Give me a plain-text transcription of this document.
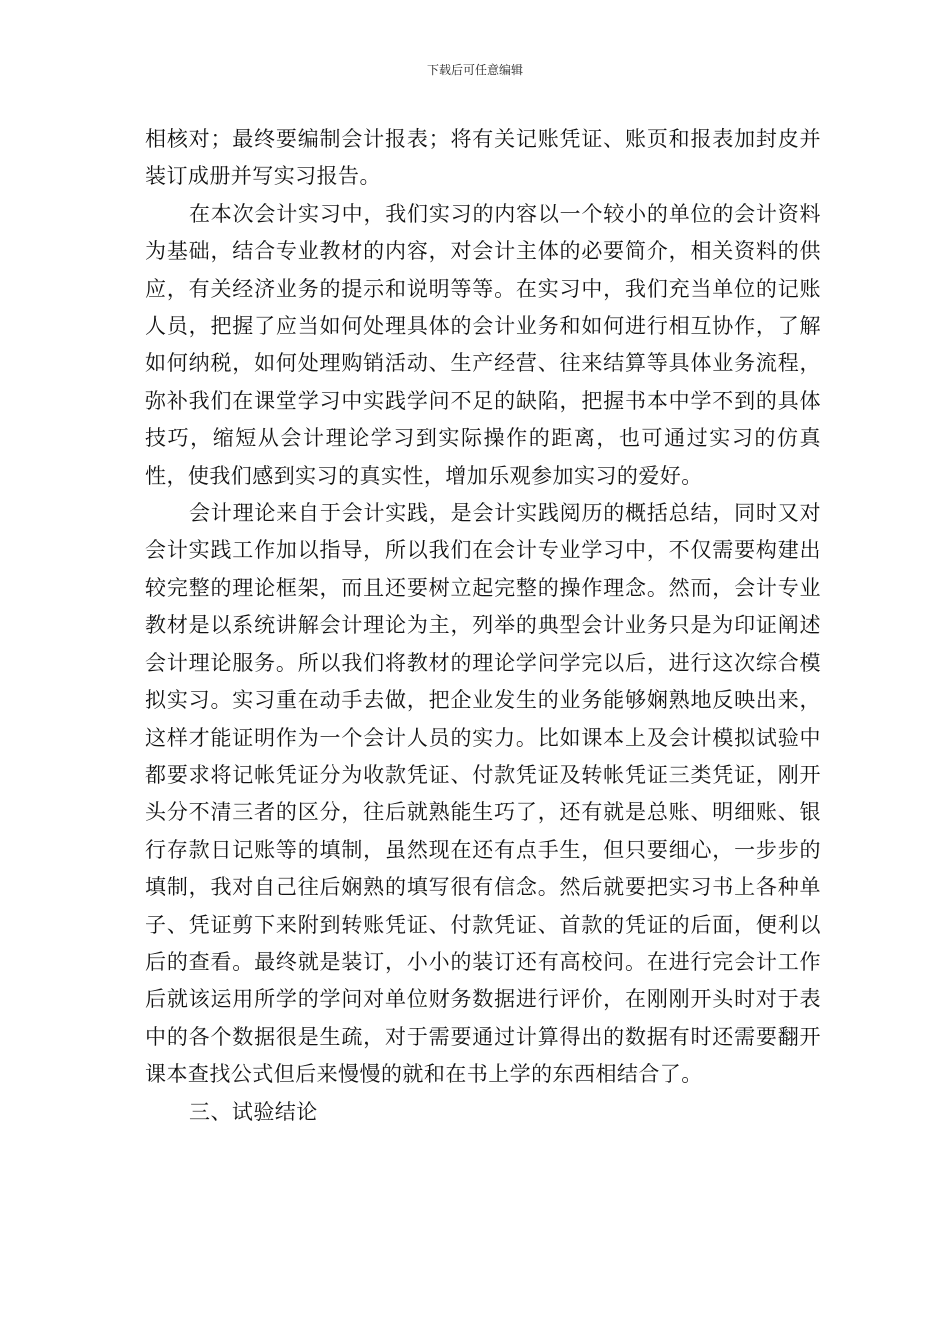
下载后可任意编辑

相核对；最终要编制会计报表；将有关记账凭证、账页和报表加封皮并装订成册并写实习报告。

在本次会计实习中，我们实习的内容以一个较小的单位的会计资料为基础，结合专业教材的内容，对会计主体的必要简介，相关资料的供应，有关经济业务的提示和说明等等。在实习中，我们充当单位的记账人员，把握了应当如何处理具体的会计业务和如何进行相互协作，了解如何纳税，如何处理购销活动、生产经营、往来结算等具体业务流程，弥补我们在课堂学习中实践学问不足的缺陷，把握书本中学不到的具体技巧，缩短从会计理论学习到实际操作的距离，也可通过实习的仿真性，使我们感到实习的真实性，增加乐观参加实习的爱好。

会计理论来自于会计实践，是会计实践阅历的概括总结，同时又对会计实践工作加以指导，所以我们在会计专业学习中，不仅需要构建出较完整的理论框架，而且还要树立起完整的操作理念。然而，会计专业教材是以系统讲解会计理论为主，列举的典型会计业务只是为印证阐述会计理论服务。所以我们将教材的理论学问学完以后，进行这次综合模拟实习。实习重在动手去做，把企业发生的业务能够娴熟地反映出来，这样才能证明作为一个会计人员的实力。比如课本上及会计模拟试验中都要求将记帐凭证分为收款凭证、付款凭证及转帐凭证三类凭证，刚开头分不清三者的区分，往后就熟能生巧了，还有就是总账、明细账、银行存款日记账等的填制，虽然现在还有点手生，但只要细心，一步步的填制，我对自己往后娴熟的填写很有信念。然后就要把实习书上各种单子、凭证剪下来附到转账凭证、付款凭证、首款的凭证的后面，便利以后的查看。最终就是装订，小小的装订还有高校问。在进行完会计工作后就该运用所学的学问对单位财务数据进行评价，在刚刚开头时对于表中的各个数据很是生疏，对于需要通过计算得出的数据有时还需要翻开课本查找公式但后来慢慢的就和在书上学的东西相结合了。

三、试验结论
